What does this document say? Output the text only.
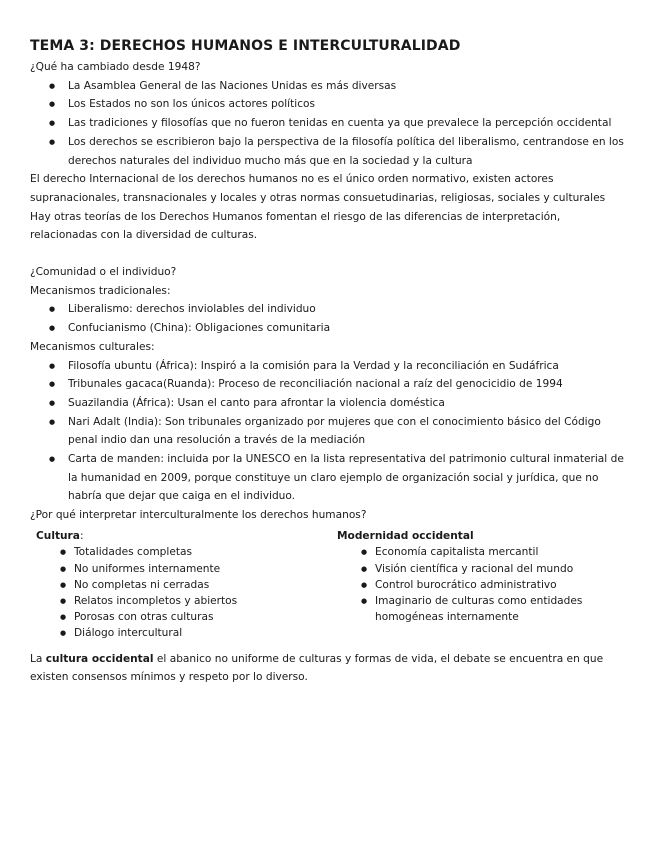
TEMA 3: DERECHOS HUMANOS E INTERCULTURALIDAD

¿Qué ha cambiado desde 1948?

● La Asamblea General de las Naciones Unidas es más diversas
● Los Estados no son los únicos actores políticos
● Las tradiciones y filosofías que no fueron tenidas en cuenta ya que prevalece la percepción occidental
● Los derechos se escribieron bajo la perspectiva de la filosofía política del liberalismo, centrandose en los derechos naturales del individuo mucho más que en la sociedad y la cultura

El derecho Internacional de los derechos humanos no es el único orden normativo, existen actores supranacionales, transnacionales y locales y otras normas consuetudinarias, religiosas, sociales y culturales

Hay otras teorías de los Derechos Humanos fomentan el riesgo de las diferencias de interpretación, relacionadas con la diversidad de culturas.

¿Comunidad o el individuo?

Mecanismos tradicionales:

● Liberalismo: derechos inviolables del individuo
● Confucianismo (China): Obligaciones comunitaria

Mecanismos culturales:

● Filosofía ubuntu (África): Inspiró a la comisión para la Verdad y la reconciliación en Sudáfrica
● Tribunales gacaca(Ruanda): Proceso de reconciliación nacional a raíz del genocicidio de 1994
● Suazilandia (África): Usan el canto para afrontar la violencia doméstica
● Nari Adalt (India): Son tribunales organizado por mujeres que con el conocimiento básico del Código penal indio dan una resolución a través de la mediación
● Carta de manden: incluida por la UNESCO en la lista representativa del patrimonio cultural inmaterial de la humanidad en 2009, porque constituye un claro ejemplo de organización social y jurídica, que no habría que dejar que caiga en el individuo.

¿Por qué interpretar interculturalmente los derechos humanos?

Cultura:
● Totalidades completas
● No uniformes internamente
● No completas ni cerradas
● Relatos incompletos y abiertos
● Porosas con otras culturas
● Diálogo intercultural
Modernidad occidental
● Economía capitalista mercantil
● Visión científica y racional del mundo
● Control burocrático administrativo
● Imaginario de culturas como entidades homogéneas internamente

La cultura occidental el abanico no uniforme de culturas y formas de vida, el debate se encuentra en que existen consensos mínimos y respeto por lo diverso.
